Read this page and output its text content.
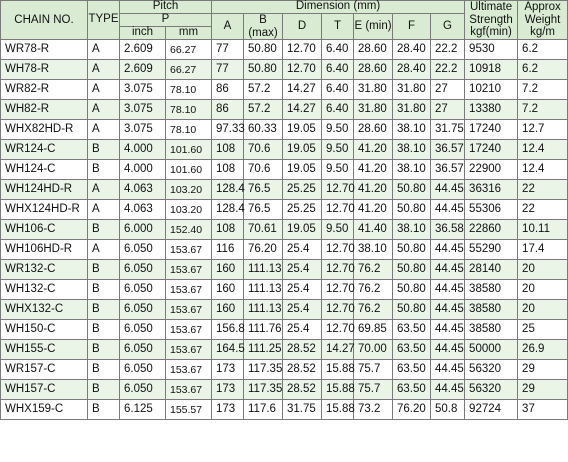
CHAIN NO.	TYPE	Pitch		Dimension (mm)							Ultimate Strength kgf(min)	Approx Weight kg/m
		P		A	B (max)	D	T	E (min)	F	G		
		inch	mm									
WR78-R	A	2.609	66.27	77	50.80	12.70	6.40	28.60	28.40	22.2	9530	6.2
WH78-R	A	2.609	66.27	77	50.80	12.70	6.40	28.60	28.40	22.2	10918	6.2
WR82-R	A	3.075	78.10	86	57.2	14.27	6.40	31.80	31.80	27	10210	7.2
WH82-R	A	3.075	78.10	86	57.2	14.27	6.40	31.80	31.80	27	13380	7.2
WHX82HD-R	A	3.075	78.10	97.33	60.33	19.05	9.50	28.60	38.10	31.75	17240	12.7
WR124-C	B	4.000	101.60	108	70.6	19.05	9.50	41.20	38.10	36.57	17240	12.4
WH124-C	B	4.000	101.60	108	70.6	19.05	9.50	41.20	38.10	36.57	22900	12.4
WH124HD-R	A	4.063	103.20	128.4	76.5	25.25	12.70	41.20	50.80	44.45	36316	22
WHX124HD-R	A	4.063	103.20	128.4	76.5	25.25	12.70	41.20	50.80	44.45	55306	22
WH106-C	B	6.000	152.40	108	70.61	19.05	9.50	41.40	38.10	36.58	22860	10.11
WH106HD-R	A	6.050	153.67	116	76.20	25.4	12.70	38.10	50.80	44.45	55290	17.4
WR132-C	B	6.050	153.67	160	111.13	25.4	12.70	76.2	50.80	44.45	28140	20
WH132-C	B	6.050	153.67	160	111.13	25.4	12.70	76.2	50.80	44.45	38580	20
WHX132-C	B	6.050	153.67	160	111.13	25.4	12.70	76.2	50.80	44.45	38580	20
WH150-C	B	6.050	153.67	156.8	111.76	25.4	12.70	69.85	63.50	44.45	38580	25
WH155-C	B	6.050	153.67	164.5	111.25	28.52	14.27	70.00	63.50	44.45	50000	26.9
WR157-C	B	6.050	153.67	173	117.35	28.52	15.88	75.7	63.50	44.45	56320	29
WH157-C	B	6.050	153.67	173	117.35	28.52	15.88	75.7	63.50	44.45	56320	29
WHX159-C	B	6.125	155.57	173	117.6	31.75	15.88	73.2	76.20	50.8	92724	37
